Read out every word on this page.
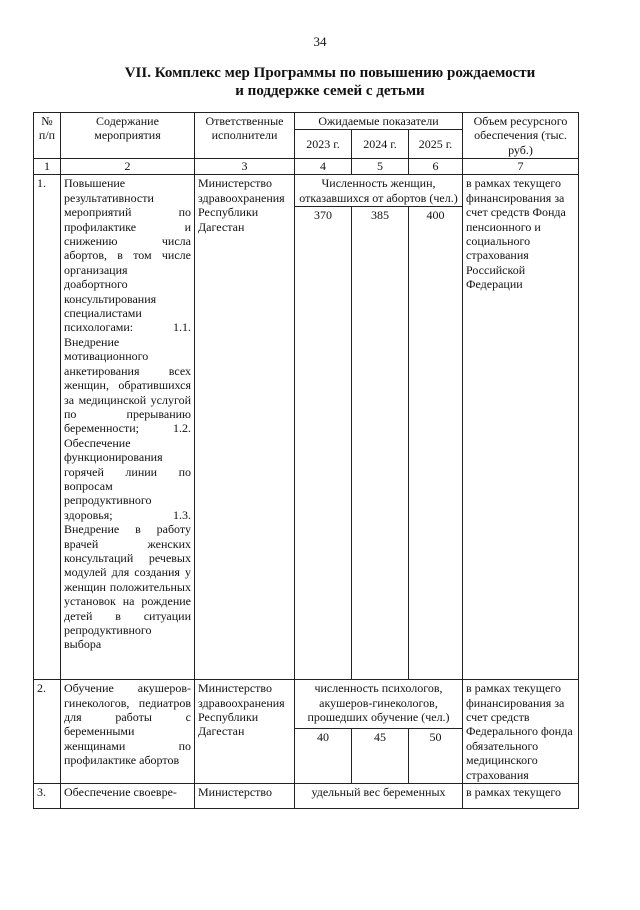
34
VII. Комплекс мер Программы по повышению рождаемости
и поддержке семей с детьми
№ п/п	Содержание мероприятия	Ответственные исполнители	Ожидаемые показатели			Объем ресурсного обеспечения (тыс. руб.)
			2023 г.	2024 г.	2025 г.	
1	2	3	4	5	6	7
1.	Повышение результативности мероприятий по профилактике и снижению числа абортов, в том числе организация доабортного консультирования специалистами психологами: 1.1. Внедрение мотивационного анкетирования всех женщин, обратившихся за медицинской услугой по прерыванию беременности; 1.2. Обеспечение функционирования горячей линии по вопросам репродуктивного здоровья; 1.3. Внедрение в работу врачей женских консультаций речевых модулей для создания у женщин положительных установок на рождение детей в ситуации репродуктивного выбора	Министерство здравоохранения Республики Дагестан	Численность женщин, отказавшихся от абортов (чел.)			в рамках текущего финансирования за счет средств Фонда пенсионного и социального страхования Российской Федерации
			370	385	400	
2.	Обучение акушеров-гинекологов, педиатров для работы с беременными женщинами по профилактике абортов	Министерство здравоохранения Республики Дагестан	численность психологов, акушеров-гинекологов, прошедших обучение (чел.)			в рамках текущего финансирования за счет средств Федерального фонда обязательного медицинского страхования
			40	45	50	
3.	Обеспечение своевре-	Министерство	удельный вес беременных			в рамках текущего
